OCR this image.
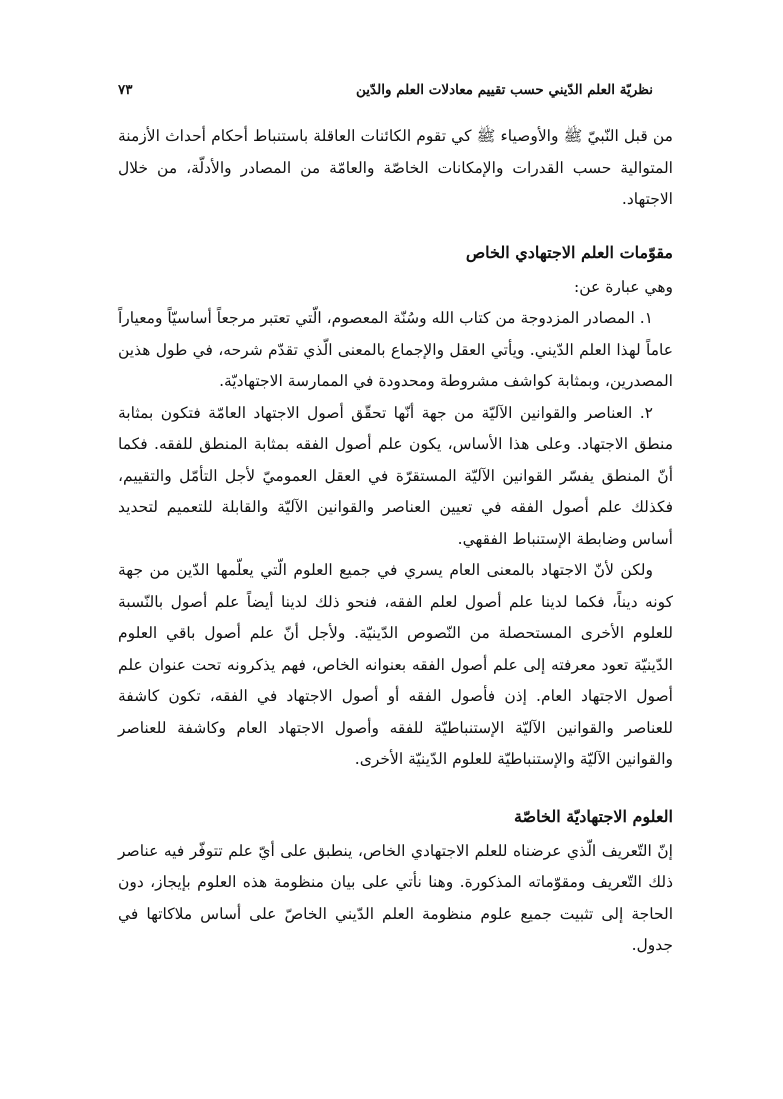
٧٣	نظريّة العلم الدّيني حسب تقييم معادلات العلم والدّين

من قبل النّبيّ ﷺ والأوصياء ﷺ كي تقوم الكائنات العاقلة باستنباط أحكام أحداث الأزمنة المتوالية حسب القدرات والإمكانات الخاصّة والعامّة من المصادر والأدلّة، من خلال الاجتهاد.

مقوّمات العلم الاجتهادي الخاص

وهي عبارة عن:

١. المصادر المزدوجة من كتاب الله وسُنّة المعصوم، الّتي تعتبر مرجعاً أساسيّاً ومعياراً عاماً لهذا العلم الدّيني. ويأتي العقل والإجماع بالمعنى الّذي تقدّم شرحه، في طول هذين المصدرين، وبمثابة كواشف مشروطة ومحدودة في الممارسة الاجتهاديّة.

٢. العناصر والقوانين الآليّة من جهة أنّها تحقّق أصول الاجتهاد العامّة فتكون بمثابة منطق الاجتهاد. وعلى هذا الأساس، يكون علم أصول الفقه بمثابة المنطق للفقه. فكما أنّ المنطق يفسّر القوانين الآليّة المستقرّة في العقل العموميّ لأجل التأمّل والتقييم، فكذلك علم أصول الفقه في تعيين العناصر والقوانين الآليّة والقابلة للتعميم لتحديد أساس وضابطة الإستنباط الفقهي.

ولكن لأنّ الاجتهاد بالمعنى العام يسري في جميع العلوم الّتي يعلّمها الدّين من جهة كونه ديناً، فكما لدينا علم أصول لعلم الفقه، فنحو ذلك لدينا أيضاً علم أصول بالنّسبة للعلوم الأخرى المستحصلة من النّصوص الدّينيّة. ولأجل أنّ علم أصول باقي العلوم الدّينيّة تعود معرفته إلى علم أصول الفقه بعنوانه الخاص، فهم يذكرونه تحت عنوان علم أصول الاجتهاد العام. إذن فأصول الفقه أو أصول الاجتهاد في الفقه، تكون كاشفة للعناصر والقوانين الآليّة الإستنباطيّة للفقه وأصول الاجتهاد العام وكاشفة للعناصر والقوانين الآليّة والإستنباطيّة للعلوم الدّينيّة الأخرى.

العلوم الاجتهاديّة الخاصّة

إنّ التّعريف الّذي عرضناه للعلم الاجتهادي الخاص، ينطبق على أيّ علم تتوفّر فيه عناصر ذلك التّعريف ومقوّماته المذكورة. وهنا نأتي على بيان منظومة هذه العلوم بإيجاز، دون الحاجة إلى تثبيت جميع علوم منظومة العلم الدّيني الخاصّ على أساس ملاكاتها في جدول.
